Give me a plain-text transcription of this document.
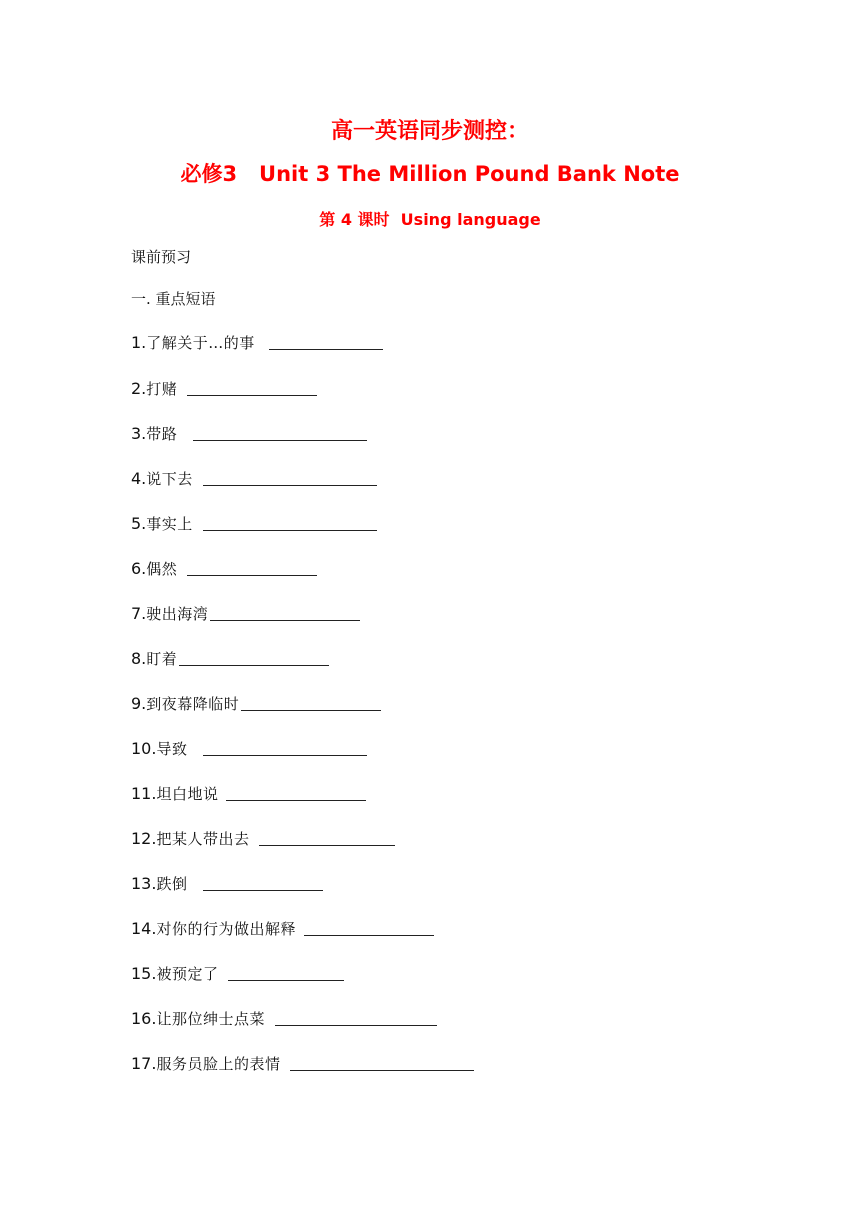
高一英语同步测控：
必修3   Unit 3 The Million Pound Bank Note
第 4 课时  Using language
课前预习
一. 重点短语
1. 了解关于…的事
2. 打赌
3. 带路
4. 说下去
5. 事实上
6. 偶然
7. 驶出海湾
8. 盯着
9. 到夜幕降临时
10. 导致
11. 坦白地说
12. 把某人带出去
13. 跌倒
14. 对你的行为做出解释
15. 被预定了
16. 让那位绅士点菜
17. 服务员脸上的表情
